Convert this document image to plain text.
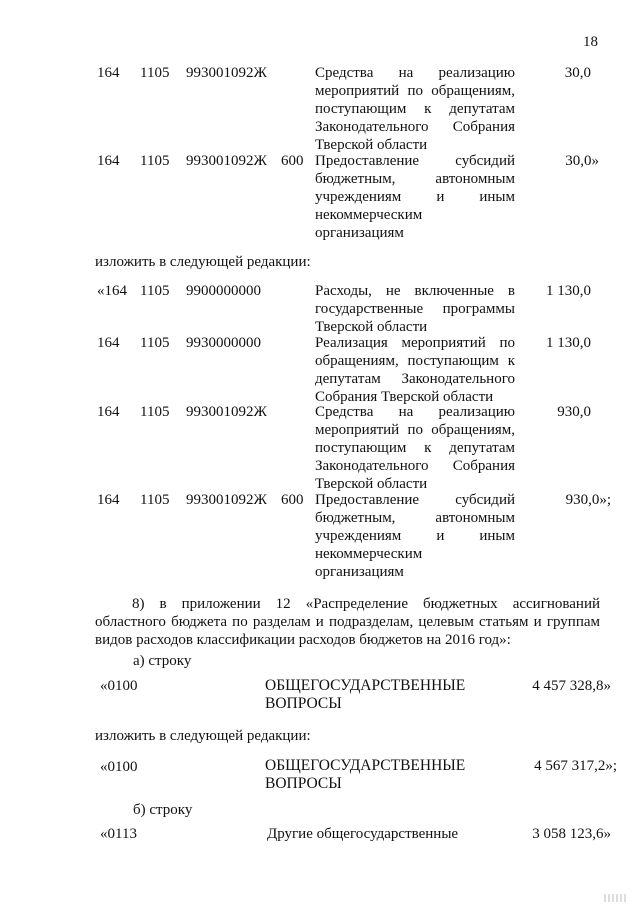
18
164 1105 993001092Ж	Средства на реализацию
мероприятий по обращениям,
поступающим к депутатам
Законодательного Собрания
Тверской области
30,0
164 1105 993001092Ж 600 Предоставление субсидий
бюджетным, автономным
учреждениям и иным
некоммерческим
организациям
30,0»
изложить в следующей редакции:
«164 1105 9900000000	Расходы, не включенные в
государственные программы
Тверской области
1 130,0
164 1105 9930000000	Реализация мероприятий по
обращениям, поступающим к
депутатам Законодательного
Собрания Тверской области
1 130,0
164 1105 993001092Ж	Средства на реализацию
мероприятий по обращениям,
поступающим к депутатам
Законодательного Собрания
Тверской области
930,0
164 1105 993001092Ж 600 Предоставление субсидий
бюджетным, автономным
учреждениям и иным
некоммерческим
организациям
930,0»;
8) в приложении 12 «Распределение бюджетных ассигнований
областного бюджета по разделам и подразделам, целевым статьям и группам
видов расходов классификации расходов бюджетов на 2016 год»:
а) строку
«0100	ОБЩЕГОСУДАРСТВЕННЫЕ
ВОПРОСЫ
4 457 328,8»
изложить в следующей редакции:
«0100	ОБЩЕГОСУДАРСТВЕННЫЕ
ВОПРОСЫ
4 567 317,2»;
б) строку
«0113	Другие общегосударственные	3 058 123,6»
